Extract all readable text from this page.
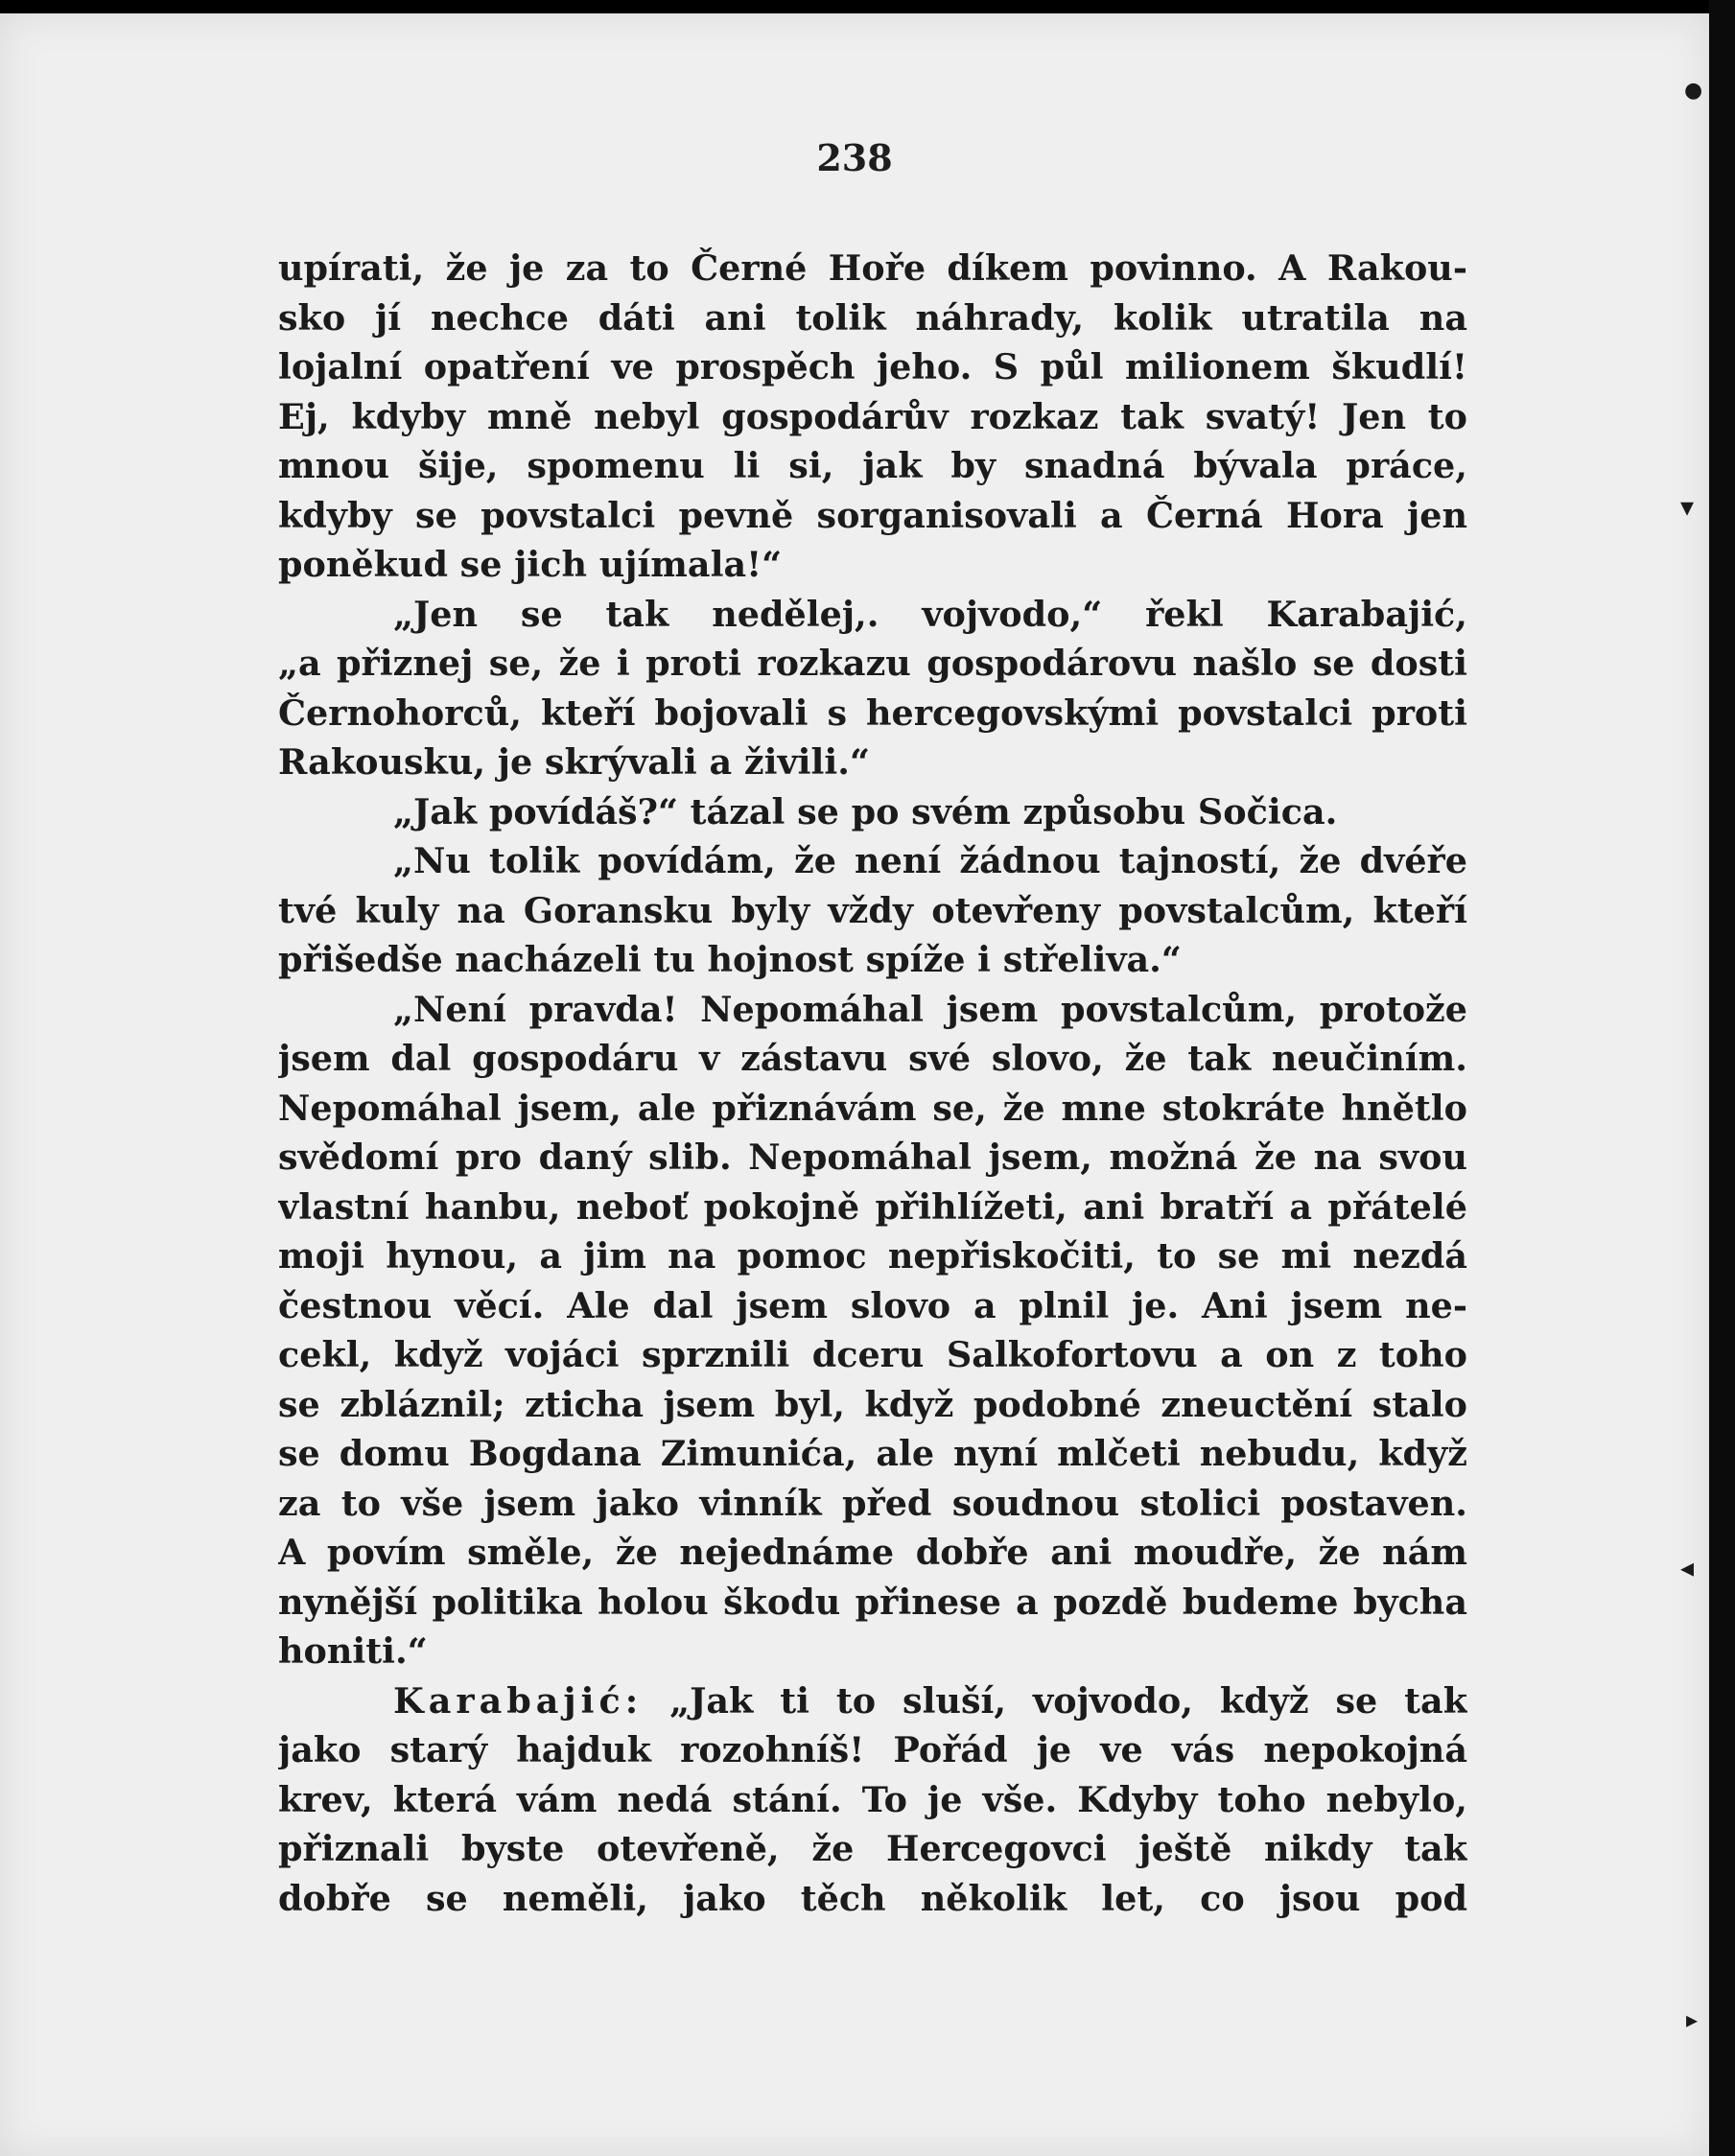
238

upírati, že je za to Černé Hoře díkem povinno. A Rakou-
sko jí nechce dáti ani tolik náhrady, kolik utratila na
lojalní opatření ve prospěch jeho. S půl milionem škudlí!
Ej, kdyby mně nebyl gospodárův rozkaz tak svatý! Jen to
mnou šije, spomenu li si, jak by snadná bývala práce,
kdyby se povstalci pevně sorganisovali a Černá Hora jen
poněkud se jich ujímala!“
„Jen se tak nedělej,. vojvodo,“ řekl Karabajić,
„a přiznej se, že i proti rozkazu gospodárovu našlo se dosti
Černohorců, kteří bojovali s hercegovskými povstalci proti
Rakousku, je skrývali a živili.“
„Jak povídáš?“ tázal se po svém způsobu Sočica.
„Nu tolik povídám, že není žádnou tajností, že dvéře
tvé kuly na Goransku byly vždy otevřeny povstalcům, kteří
přišedše nacházeli tu hojnost spíže i střeliva.“
„Není pravda! Nepomáhal jsem povstalcům, protože
jsem dal gospodáru v zástavu své slovo, že tak neučiním.
Nepomáhal jsem, ale přiznávám se, že mne stokráte hnětlo
svědomí pro daný slib. Nepomáhal jsem, možná že na svou
vlastní hanbu, neboť pokojně přihlížeti, ani bratří a přátelé
moji hynou, a jim na pomoc nepřiskočiti, to se mi nezdá
čestnou věcí. Ale dal jsem slovo a plnil je. Ani jsem ne-
cekl, když vojáci sprznili dceru Salkofortovu a on z toho
se zbláznil; zticha jsem byl, když podobné zneuctění stalo
se domu Bogdana Zimunića, ale nyní mlčeti nebudu, když
za to vše jsem jako vinník před soudnou stolici postaven.
A povím směle, že nejednáme dobře ani moudře, že nám
nynější politika holou škodu přinese a pozdě budeme bycha
honiti.“
Karabajić: „Jak ti to sluší, vojvodo, když se tak
jako starý hajduk rozohníš! Pořád je ve vás nepokojná
krev, která vám nedá stání. To je vše. Kdyby toho nebylo,
přiznali byste otevřeně, že Hercegovci ještě nikdy tak
dobře se neměli, jako těch několik let, co jsou pod
●
▾
◂
▸
